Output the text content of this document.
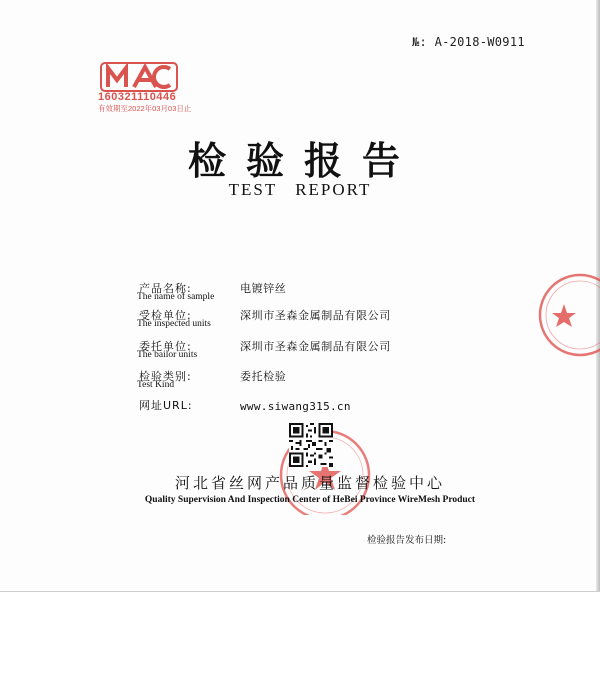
№: A-2018-W0911
160321110446
有效期至2022年03月03日止
检验报告
TEST REPORT
产品名称:
The name of sample
电镀锌丝
受检单位:
The inspected units
深圳市圣森金属制品有限公司
委托单位:
The bailor units
深圳市圣森金属制品有限公司
检验类别:
Test Kind
委托检验
网址URL:	www.siwang315.cn
河北省丝网产品质量监督检验中心
Quality Supervision And Inspection Center of HeBei Province WireMesh Product
检验报告发布日期:
